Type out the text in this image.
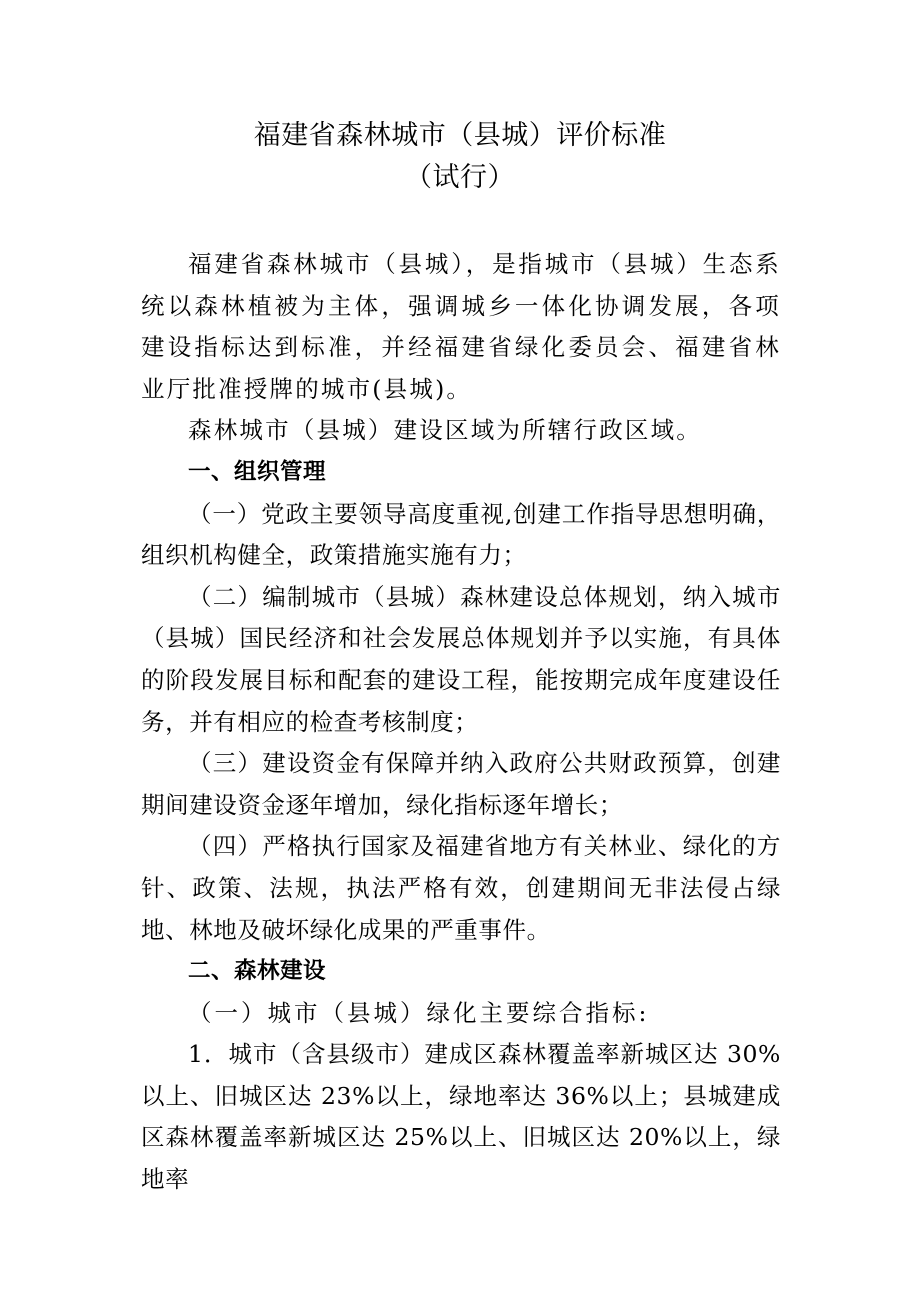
福建省森林城市（县城）评价标准
（试行）

福建省森林城市（县城），是指城市（县城）生态系统以森林植被为主体，强调城乡一体化协调发展，各项建设指标达到标准，并经福建省绿化委员会、福建省林业厅批准授牌的城市(县城)。

森林城市（县城）建设区域为所辖行政区域。

一、组织管理

（一）党政主要领导高度重视,创建工作指导思想明确，组织机构健全，政策措施实施有力；

（二）编制城市（县城）森林建设总体规划，纳入城市（县城）国民经济和社会发展总体规划并予以实施，有具体的阶段发展目标和配套的建设工程，能按期完成年度建设任务，并有相应的检查考核制度；

（三）建设资金有保障并纳入政府公共财政预算，创建期间建设资金逐年增加，绿化指标逐年增长；

（四）严格执行国家及福建省地方有关林业、绿化的方针、政策、法规，执法严格有效，创建期间无非法侵占绿地、林地及破坏绿化成果的严重事件。

二、森林建设

（一）城市（县城）绿化主要综合指标:

1．城市（含县级市）建成区森林覆盖率新城区达 30%以上、旧城区达 23%以上，绿地率达 36%以上；县城建成区森林覆盖率新城区达 25%以上、旧城区达 20%以上，绿地率
